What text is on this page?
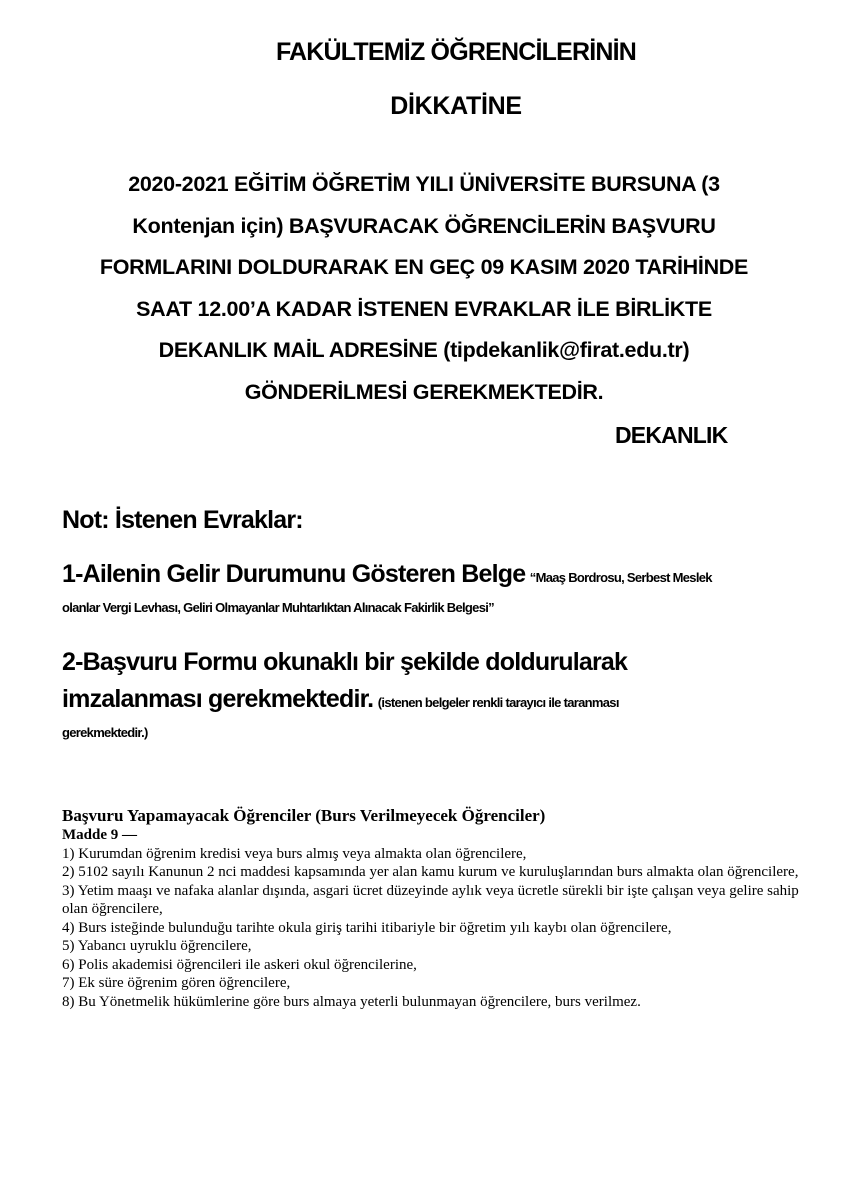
FAKÜLTEMİZ ÖĞRENCİLERİNİN
DİKKATİNE
2020-2021 EĞİTİM ÖĞRETİM YILI ÜNİVERSİTE BURSUNA (3
Kontenjan için) BAŞVURACAK ÖĞRENCİLERİN BAŞVURU
FORMLARINI DOLDURARAK EN GEÇ 09 KASIM 2020 TARİHİNDE
SAAT 12.00’A KADAR İSTENEN EVRAKLAR İLE BİRLİKTE
DEKANLIK MAİL ADRESİNE (tipdekanlik@firat.edu.tr)
GÖNDERİLMESİ GEREKMEKTEDİR.
DEKANLIK
Not: İstenen Evraklar:
1-Ailenin Gelir Durumunu Gösteren Belge “Maaş Bordrosu, Serbest Meslek
olanlar Vergi Levhası, Geliri Olmayanlar Muhtarlıktan Alınacak Fakirlik Belgesi”
2-Başvuru Formu okunaklı bir şekilde doldurularak
imzalanması gerekmektedir. (istenen belgeler renkli tarayıcı ile taranması
gerekmektedir.)
Başvuru Yapamayacak Öğrenciler (Burs Verilmeyecek Öğrenciler)
Madde 9 —
1) Kurumdan öğrenim kredisi veya burs almış veya almakta olan öğrencilere,
2) 5102 sayılı Kanunun 2 nci maddesi kapsamında yer alan kamu kurum ve kuruluşlarından burs almakta olan öğrencilere,
3) Yetim maaşı ve nafaka alanlar dışında, asgari ücret düzeyinde aylık veya ücretle sürekli bir işte çalışan veya gelire sahip olan öğrencilere,
4) Burs isteğinde bulunduğu tarihte okula giriş tarihi itibariyle bir öğretim yılı kaybı olan öğrencilere,
5) Yabancı uyruklu öğrencilere,
6) Polis akademisi öğrencileri ile askeri okul öğrencilerine,
7) Ek süre öğrenim gören öğrencilere,
8) Bu Yönetmelik hükümlerine göre burs almaya yeterli bulunmayan öğrencilere, burs verilmez.
